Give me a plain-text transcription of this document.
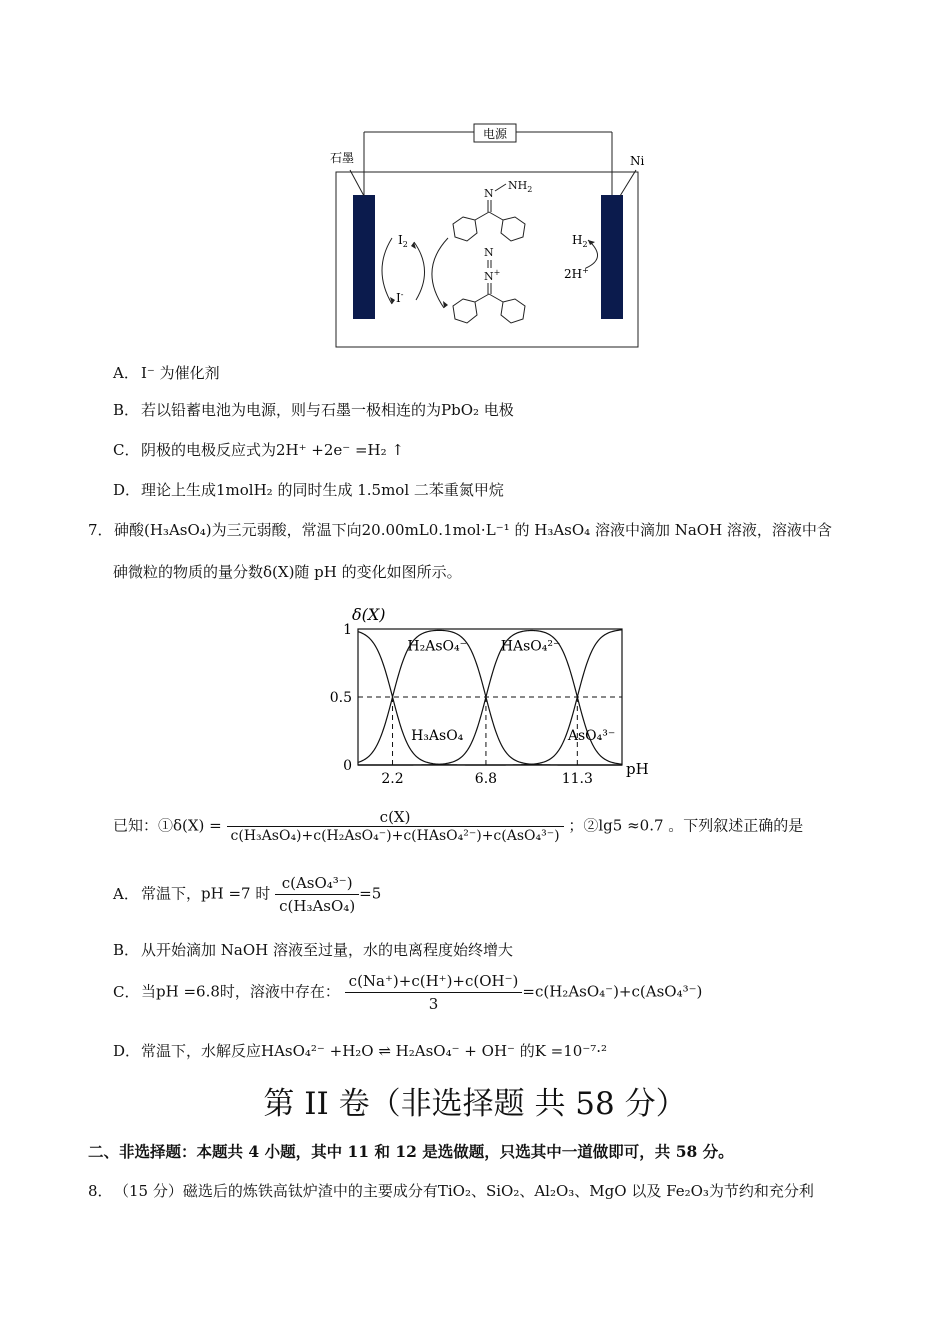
电源
石墨	Ni
$I_2$
I-
N
$NH_2$
N
N+
$H_2$
2H+
A． I⁻ 为催化剂
B． 若以铅蓄电池为电源，则与石墨一极相连的为PbO₂ 电极
C． 阴极的电极反应式为2H⁺ +2e⁻ =H₂ ↑
D．理论上生成1molH₂ 的同时生成 1.5mol 二苯重氮甲烷
7．砷酸(H₃AsO₄)为三元弱酸，常温下向20.00mL0.1mol⋅L⁻¹ 的 H₃AsO₄ 溶液中滴加 NaOH 溶液，溶液中含
砷微粒的物质的量分数δ(X)随 pH 的变化如图所示。
δ(X)
pH
1
0.5
0
2.2	6.8	11.3
H₃AsO₄
H₂AsO₄⁻ HAsO₄²⁻
AsO₄³⁻
已知：①δ(X) = $\frac{c(X)}{\text{c(H₃AsO₄)+c(H₂AsO₄⁻)+c(HAsO₄²⁻)+c(AsO₄³⁻)}}$ ；②lg5 ≈0.7 。下列叙述正确的是
A． 常温下，pH =7 时 $\frac{\text{c(AsO₄³⁻)}}{\text{c(H₃AsO₄)}} =5$
B． 从开始滴加 NaOH 溶液至过量，水的电离程度始终增大
C． 当pH =6.8时，溶液中存在： $\frac{c(Na^+)+c(H^+)+c(OH^-)}{3} =c(H_2AsO_4^-)+c(AsO_4^{3-})$
D．常温下，水解反应HAsO₄²⁻ +H₂O ⇌ H₂AsO₄⁻ + OH⁻ 的K =10⁻⁷·²
第 II 卷（非选择题 共 58 分）
二、非选择题：本题共 4 小题，其中 11 和 12 是选做题，只选其中一道做即可，共 58 分。
8．（15 分）磁选后的炼铁高钛炉渣中的主要成分有TiO₂、SiO₂、Al₂O₃、MgO 以及 Fe₂O₃为节约和充分利
